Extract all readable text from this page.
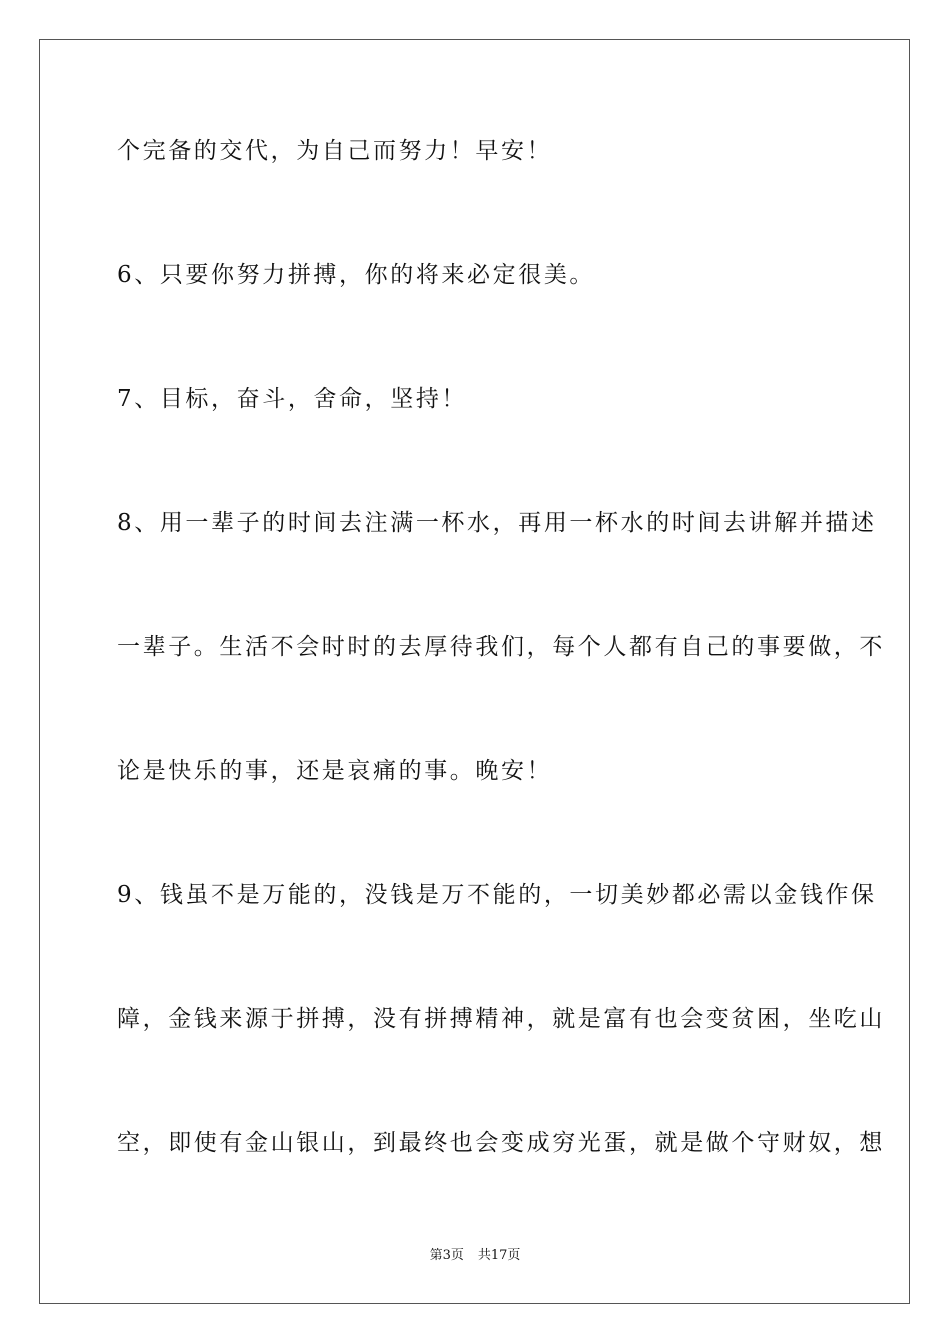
个完备的交代，为自己而努力！早安！
6、只要你努力拼搏，你的将来必定很美。
7、目标，奋斗，舍命，坚持！
8、用一辈子的时间去注满一杯水，再用一杯水的时间去讲解并描述
一辈子。生活不会时时的去厚待我们，每个人都有自己的事要做，不
论是快乐的事，还是哀痛的事。晚安！
9、钱虽不是万能的，没钱是万不能的，一切美妙都必需以金钱作保
障，金钱来源于拼搏，没有拼搏精神，就是富有也会变贫困，坐吃山
空，即使有金山银山，到最终也会变成穷光蛋，就是做个守财奴，想
第3页 共17页
